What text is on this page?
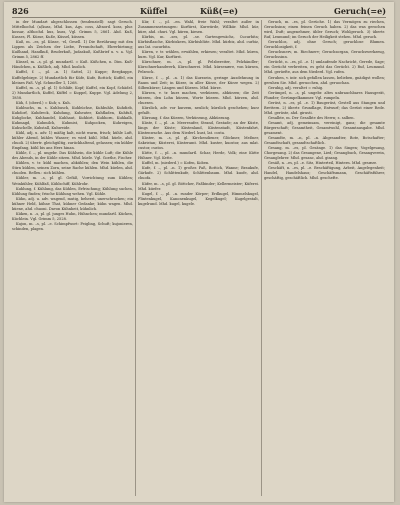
826	Küffel	Küß(=e)	Geruch(=e)

in der Mundart abgeschlossen (tendenziell): sagt Geruch. Mittelhochd. (a)kuss, Mhd. kus, Ags. coss, Altnord. koss, plur. kossar, althochd. kus, kuss, Vgl. Grimm 5, 2861. Ahd. Kuß, Kusses, Pl. Küsse, Kuße, Küssel, küssen.

Kuß, m. –es, pl. Küsse, -el, Gesell. 1) Die Berührung mit den Lippen als Zeichen der Liebe, Freundschaft, Ehrerbietung; Kußhand, Handkuß, Bruderkuß, Judaskuß, Kußbrief u. v. a. Vgl. Grimm 5, 2862 ff.

Küssel, m. –s, pl. gl. mundartl. = Kuß. Küßchen, n. Dim. Kuß-Händchen, n. Küßlich, adj. Mhd. kuslich.

Kuffel, f. –, pl. –n. 1) Sattel, 2) Kuppe; Bergkuppe, Kuffelgebirge. 2) Mundartlich für Küfe, Kufe, Bottich; Kuffel, ein kleines Faß. Vgl. Schmeller 1, 1268.

Kuffel, m. –s, pl. gl. 1) Schläfe, Kopf; Kuffel, ein Kopf, Schädel. 2) Mundartlich, Kuffel, Küffel = Kuppel, Kuppe. Vgl. Adelung 2, 1858.

Küh, f. (oberd.) = Kuh; s. Kuh.

Kuhbuchs, m. s. Kuhbusch, Kuhbüchse, Kuhbuhle, Kuhdieb, Kuhdorf, Kuhdreck, Kuhdung, Kuheuter, Kuhfladen, Kuhfuß, Kuhglocke, Kuhhandel, Kuhhaut, Kuhhirt, Kuhhorn, Kuhkalb, Kuhmagd, Kuhmilch, Kuhmist, Kuhpocken, Kuhreigen, Kuhschelle, Kuhstall, Kuhweide.

Kühl, adj. u. adv. 1) mäßig kalt, nicht warm, frisch; kühle Luft, kühler Abend, kühles Wasser; es wird kühl. Mhd. küele, ahd. chuoli. 2) übertr. gleichgültig, zurückhaltend, gelassen; ein kühler Empfang, kühl bis ans Herz hinan.

Kühle, f. –, pl. ungebr. Das Kühlsein, die kühle Luft; die Kühle des Abends, in der Kühle sitzen. Mhd. küele. Vgl. Goethe, Fischer.

Kühlen, v. tr. kühl machen, abkühlen; den Wein kühlen, die Stirn kühlen, seinen Zorn, seine Rache kühlen. Mhd. küelen, ahd. chuolen. Reflex.: sich kühlen.

Kühler, m. –s, pl. gl. Gefäß, Vorrichtung zum Kühlen; Weinkühler, Kühlfaß, Kühlschiff, Kühlrohr.

Kuhlung, f. Kühlung, das Kühlen, Erfrischung; Kühlung suchen, Kühlung finden; frische Kühlung wehen. Vgl. Kühle.

Kühn, adj. u. adv. wagend, mutig, beherzt, unerschrocken; ein kühner Held, kühne That, kühner Gedanke; kühn wagen. Mhd. küene, ahd. chuoni. Davon Kühnheit, kühnlich.

Küken, n. –s, pl. gl. junges Huhn, Hühnchen; mundartl. Kücken, Küchlein. Vgl. Grimm 5, 2528.

Kujon, m. –s, pl. –e. Schimpfwort: Feigling, Schuft; kujonieren, schinden, plagen.

Kür, f. –, pl. –en. Wahl, freie Wahl; veraltet außer in Zusammensetzungen: Kurfürst, Kurwürde, Willkür. Mhd. kür, küre, ahd. churi. Vgl. küren, kiesen.

Kürbis, m. –ses, pl. –se. Gartengewächs, Cucurbita; Kürbisflasche, Kürbiskern, Kürbisblüte. Mhd. kürbiz, ahd. curbiz, aus lat. cucurbita.

Küren, v. tr. wählen, erwählen, erkiesen; veraltet. Mhd. küren, kurn. Vgl. Kur, Kurfürst.

Kürschner, m. –s, pl. gl. Pelzbereiter, Pelzhändler; Kürschnerhandwerk, Kürschnerei. Mhd. kürsenære, von kürsen, Pelzrock.

Kürze, f. –, pl. –n. 1) das Kurzsein, geringe Ausdehnung in Raum und Zeit; in Kürze, in aller Kürze, der Kürze wegen. 2) Silbenkürze; Längen und Kürzen. Mhd. kürze.

Kürzen, v. tr. kurz machen, verkürzen, abkürzen; die Zeit kürzen, den Lohn kürzen, Worte kürzen. Mhd. kürzen, ahd. churzen.

Kürzlich, adv. vor kurzem, neulich; kürzlich geschehen; kurz gefaßt.

Kürzung, f. das Kürzen, Verkürzung, Abkürzung.

Küste, f. –, pl. –n. Meeresufer, Strand, Gestade; an der Küste, längs der Küste; Küstenland, Küstenstadt, Küstenfahrt, Küstenwache. Aus dem Niederl. kust, lat. costa.

Küster, m. –s, pl. gl. Kirchendiener, Glöckner, Meßner, Sakristan; Küsterei, Küsteramt. Mhd. kuster, kuostor, aus mlat. custor, custos.

Kütte, f. –, pl. –n. mundartl. Schar, Herde, Volk; eine Kütte Hühner. Vgl. Kette.

Kuffel, m. (niederd.) = Kofen, Koben.

Kufe, f. –, pl. –n. 1) großes Faß, Bottich, Wanne; Braukufe, Gärkufe. 2) Schlittenkufe, Schlittenbaum. Mhd. kuofe, ahd. chuofa.

Küfer, m. –s, pl. gl. Böttcher, Faßbinder; Kellermeister; Küferei. Mhd. küefer.

Kugel, f. –, pl. –n. runder Körper; Erdkugel, Himmelskugel, Flintenkugel, Kanonenkugel, Kegelkugel; Kugelgestalt, kugelrund. Mhd. kugel, kugele.

Geruch, m. –es, pl. Gerüche. 1) das Vermögen zu riechen, Geruchsinn; einen feinen Geruch haben. 2) das was gerochen wird, Duft; angenehmer, übler Geruch; Wohlgeruch. 3) übertr. Ruf, Leumund; im Geruch der Heiligkeit stehen. Mhd. geruch.

Geruchlos, adj. ohne Geruch; geruchlose Blumen. Geruchlosigkeit, f.

Geruchsnerv, m. Riechnerv; Geruchsorgan, Geruchswerkzeug, Geruchssinn.

Gerücht, n. –es, pl. –e. 1) umlaufende Nachricht, Gerede, Sage; ein Gerücht verbreiten, es geht das Gerücht. 2) Ruf, Leumund. Mhd. gerüefte, aus dem Niederd. Vgl. rufen.

Geruhen, v. intr. sich gefallen lassen, belieben, gnädigst wollen; geruhen Sie. Mhd. geruochen, ahd. geruochan.

Geruhig, adj. veraltet = ruhig.

Gerümpel, n. –s, pl. ungebr. altes unbrauchbares Hausgerät, Plunder; Gerümpelkammer. Vgl. rumpeln.

Gerüst, n. –es, pl. –e. 1) Baugerüst, Gestell aus Stangen und Brettern. 2) übertr. Grundlage, Entwurf; das Gerüst einer Rede. Mhd. gerüste, ahd. girusti.

Gesalbte, m. Der Gesalbte des Herrn; s. salben.

Gesamt, adj. gemeinsam, vereinigt, ganz; die gesamte Bürgerschaft; Gesamtheit, Gesamtwohl, Gesamtausgabe. Mhd. gesament.

Gesandte, m. –n, pl. –n. Abgesandter, Bote, Botschafter; Gesandtschaft, gesandtschaftlich.

Gesang, m. –es, pl. Gesänge. 1) das Singen; Vogelgesang, Chorgesang. 2) das Gesungene, Lied; Gesangbuch, Gesangverein, Gesanglehrer. Mhd. gesanc, ahd. gisang.

Gesäß, n. –es, pl. –e. Sitz, Hinterteil, Hintern. Mhd. gesæze.

Geschäft, n. –es, pl. –e. Beschäftigung, Arbeit, Angelegenheit; Handel, Handelshaus; Geschäftsmann, Geschäftsführer, geschäftig, geschäftlich. Mhd. geschefte.
